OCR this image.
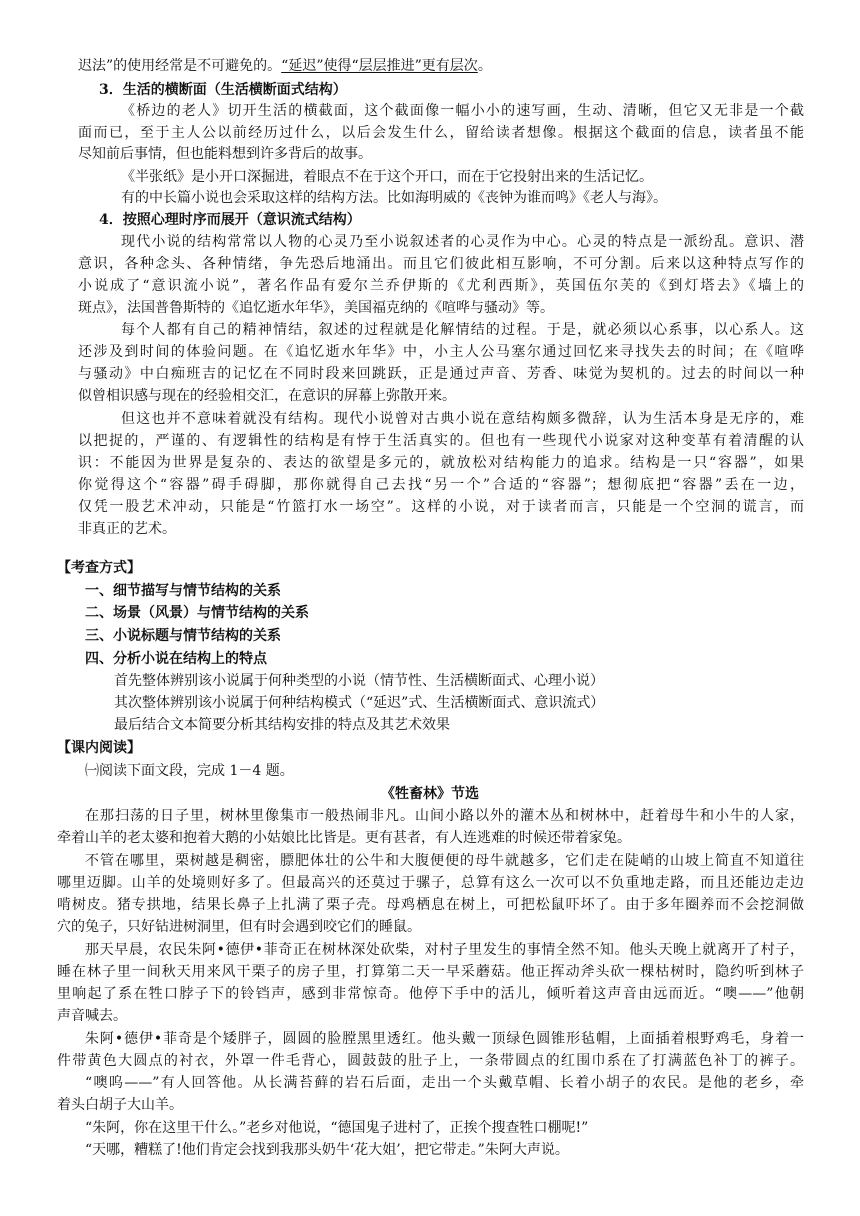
迟法”的使用经常是不可避免的。“延迟”使得“层层推进”更有层次。
3．生活的横断面（生活横断面式结构）
《桥边的老人》切开生活的横截面，这个截面像一幅小小的速写画，生动、清晰，但它又无非是一个截
面而已，至于主人公以前经历过什么，以后会发生什么，留给读者想像。根据这个截面的信息，读者虽不能
尽知前后事情，但也能料想到许多背后的故事。
《半张纸》是小开口深掘进，着眼点不在于这个开口，而在于它投射出来的生活记忆。
有的中长篇小说也会采取这样的结构方法。比如海明威的《丧钟为谁而鸣》《老人与海》。
4．按照心理时序而展开（意识流式结构）
现代小说的结构常常以人物的心灵乃至小说叙述者的心灵作为中心。心灵的特点是一派纷乱。意识、潜
意识，各种念头、各种情绪，争先恐后地涌出。而且它们彼此相互影响，不可分割。后来以这种特点写作的
小说成了“意识流小说”，著名作品有爱尔兰乔伊斯的《尤利西斯》，英国伍尔芙的《到灯塔去》《墙上的
斑点》，法国普鲁斯特的《追忆逝水年华》，美国福克纳的《喧哗与骚动》等。
每个人都有自己的精神情结，叙述的过程就是化解情结的过程。于是，就必须以心系事，以心系人。这
还涉及到时间的体验问题。在《追忆逝水年华》中，小主人公马塞尔通过回忆来寻找失去的时间；在《喧哗
与骚动》中白痴班吉的记忆在不同时段来回跳跃，正是通过声音、芳香、味觉为契机的。过去的时间以一种
似曾相识感与现在的经验相交汇，在意识的屏幕上弥散开来。
但这也并不意味着就没有结构。现代小说曾对古典小说在意结构颇多微辞，认为生活本身是无序的，难
以把捉的，严谨的、有逻辑性的结构是有悖于生活真实的。但也有一些现代小说家对这种变革有着清醒的认
识：不能因为世界是复杂的、表达的欲望是多元的，就放松对结构能力的追求。结构是一只“容器”，如果
你觉得这个“容器”碍手碍脚，那你就得自己去找“另一个”合适的“容器”；想彻底把“容器”丢在一边，
仅凭一股艺术冲动，只能是“竹篮打水一场空”。这样的小说，对于读者而言，只能是一个空洞的谎言，而
非真正的艺术。
【考查方式】
一、细节描写与情节结构的关系
二、场景（风景）与情节结构的关系
三、小说标题与情节结构的关系
四、分析小说在结构上的特点
首先整体辨别该小说属于何种类型的小说（情节性、生活横断面式、心理小说）
其次整体辨别该小说属于何种结构模式（“延迟”式、生活横断面式、意识流式）
最后结合文本简要分析其结构安排的特点及其艺术效果
【课内阅读】
㈠阅读下面文段，完成 1－4 题。
《牲畜林》节选
在那扫荡的日子里，树林里像集市一般热闹非凡。山间小路以外的灌木丛和树林中，赶着母牛和小牛的人家，
牵着山羊的老太婆和抱着大鹅的小姑娘比比皆是。更有甚者，有人连逃难的时候还带着家兔。
不管在哪里，栗树越是稠密，膘肥体壮的公牛和大腹便便的母牛就越多，它们走在陡峭的山坡上简直不知道往
哪里迈脚。山羊的处境则好多了。但最高兴的还莫过于骡子，总算有这么一次可以不负重地走路，而且还能边走边
啃树皮。猪专拱地，结果长鼻子上扎满了栗子壳。母鸡栖息在树上，可把松鼠吓坏了。由于多年圈养而不会挖洞做
穴的兔子，只好钻进树洞里，但有时会遇到咬它们的睡鼠。
那天早晨，农民朱阿•德伊•菲奇正在树林深处砍柴，对村子里发生的事情全然不知。他头天晚上就离开了村子，
睡在林子里一间秋天用来风干栗子的房子里，打算第二天一早采蘑菇。他正挥动斧头砍一棵枯树时，隐约听到林子
里响起了系在牲口脖子下的铃铛声，感到非常惊奇。他停下手中的活儿，倾听着这声音由远而近。“噢——”他朝
声音喊去。
朱阿•德伊•菲奇是个矮胖子，圆圆的脸膛黑里透红。他头戴一顶绿色圆锥形毡帽，上面插着根野鸡毛，身着一
件带黄色大圆点的衬衣，外罩一件毛背心，圆鼓鼓的肚子上，一条带圆点的红围巾系在了打满蓝色补丁的裤子。
“噢呜——”有人回答他。从长满苔藓的岩石后面，走出一个头戴草帽、长着小胡子的农民。是他的老乡，牵
着头白胡子大山羊。
“朱阿，你在这里干什么。”老乡对他说，“德国鬼子进村了，正挨个搜查牲口棚呢!”
“天哪，糟糕了!他们肯定会找到我那头奶牛‘花大姐’，把它带走。”朱阿大声说。
